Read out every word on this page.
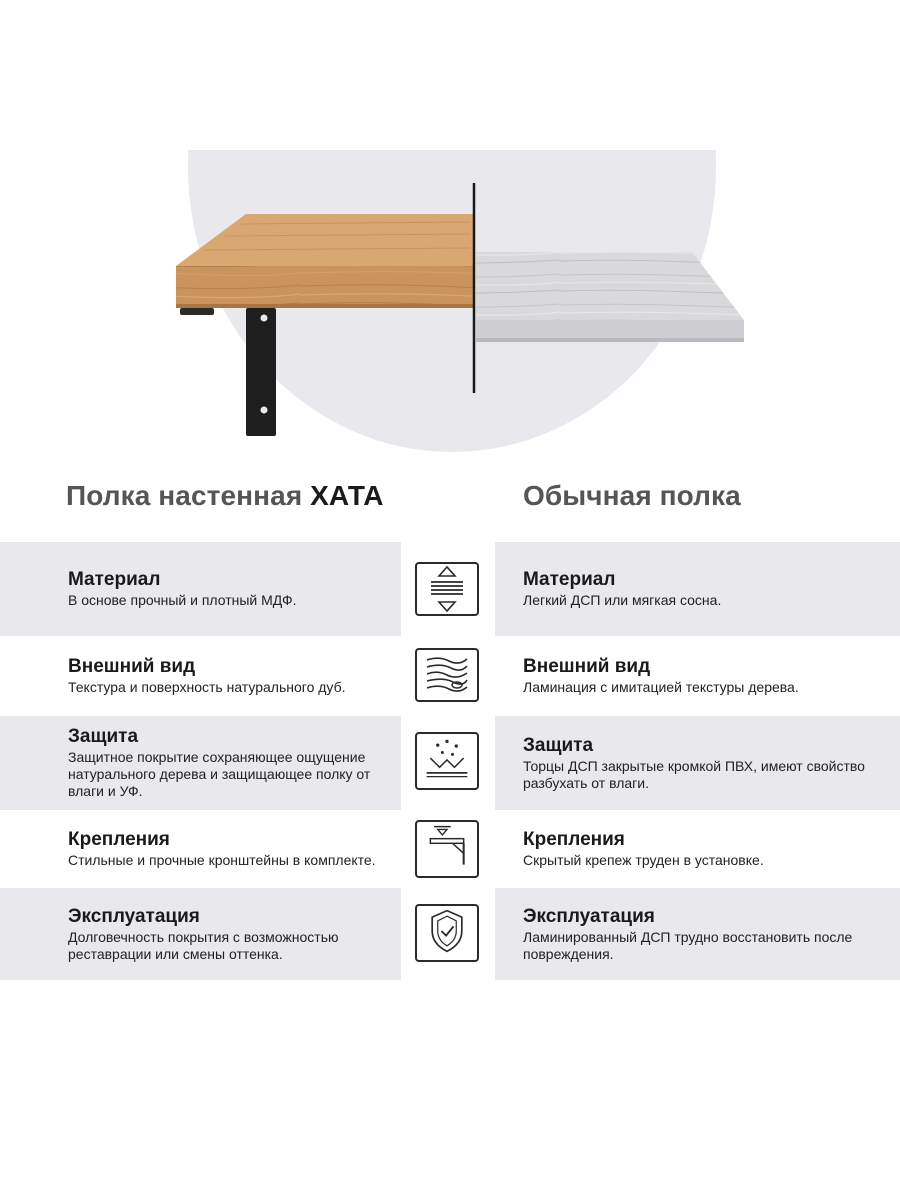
Полка настенная ХАТА	Обычная полка
Материал
В основе прочный и плотный МДФ.
Материал
Легкий ДСП или мягкая сосна.
Внешний вид
Текстура и поверхность натурального дуб.
Внешний вид
Ламинация с имитацией текстуры дерева.
Защита
Защитное покрытие сохраняющее ощущение натурального дерева и защищающее полку от влаги и УФ.
Защита
Торцы ДСП закрытые кромкой ПВХ, имеют свойство разбухать от влаги.
Крепления
Стильные и прочные кронштейны в комплекте.
Крепления
Скрытый крепеж труден в установке.
Эксплуатация
Долговечность покрытия с возможностью реставрации или смены оттенка.
Эксплуатация
Ламинированный ДСП трудно восстановить после повреждения.
